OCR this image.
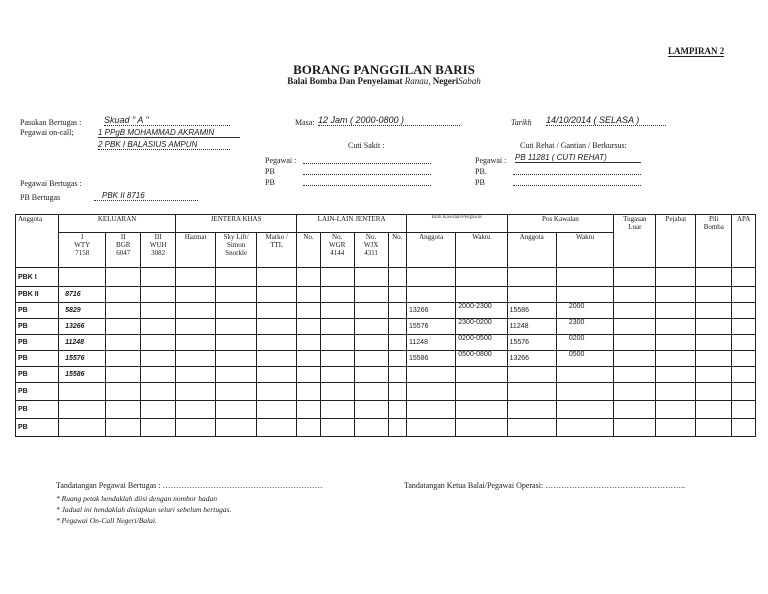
LAMPIRAN 2
BORANG PANGGILAN BARIS
Balai Bomba Dan Penyelamat Ranau, NegeriSabah
Pasukan Bertugas :	Skuad " A "
Pegawai on-call;	1 PPgB MOHAMMAD AKRAMIN
2 PBK I BALASIUS AMPUN
Masa: 12 Jam ( 2000-0800 )
Cuti Sakit :
Pegawai :
PB
PB
Tarikh 14/10/2014 ( SELASA )
Cuti Rehat / Gantian / Berkursus:
Pegawai : PB 11281 ( CUTI REHAT)
PB.
PB
Pegawai Bertugas :
PB Bertugas	PBK II 8716
Anggota	KELUARAN			JENTERA KHAS			LAIN-LAIN JENTERA				Bilik Kawalan/Pengawas		Pos Kawalan		Tugasan Luar	Pejabat	Pili Bomba	APA
	I
WTY
7158	II
BGR
6047	III
WUH
3082	Hazmat	Sky Lift/
Simon
Snorkle	Marko /
TTL	No.	No.
WGR
4144	No.
WJX
4311	No.	Anggota	Waktu	Anggota	Waktu				
PBK I																		
PBK II	8716																	
PB	5829										13266	2000-2300	15586	2000				
PB	13266										15576	2300-0200	11248	2300				
PB	11248										11248	0200-0500	15576	0200				
PB	15576										15586	0500-0800	13266	0500				
PB	15586																	
PB																		
PB																		
PB																		
Tandatangan Pegawai Bertugas : ……………………………………………………	Tandatangan Ketua Balai/Pegawai Operasi: ……………………………………………..
* Ruang petak hendaklah diisi dengan nombor badan
* Jadual ini hendaklah disiapkan seluri sebelum bertugas.
* Pegawai On-Call Negeri/Balai.
